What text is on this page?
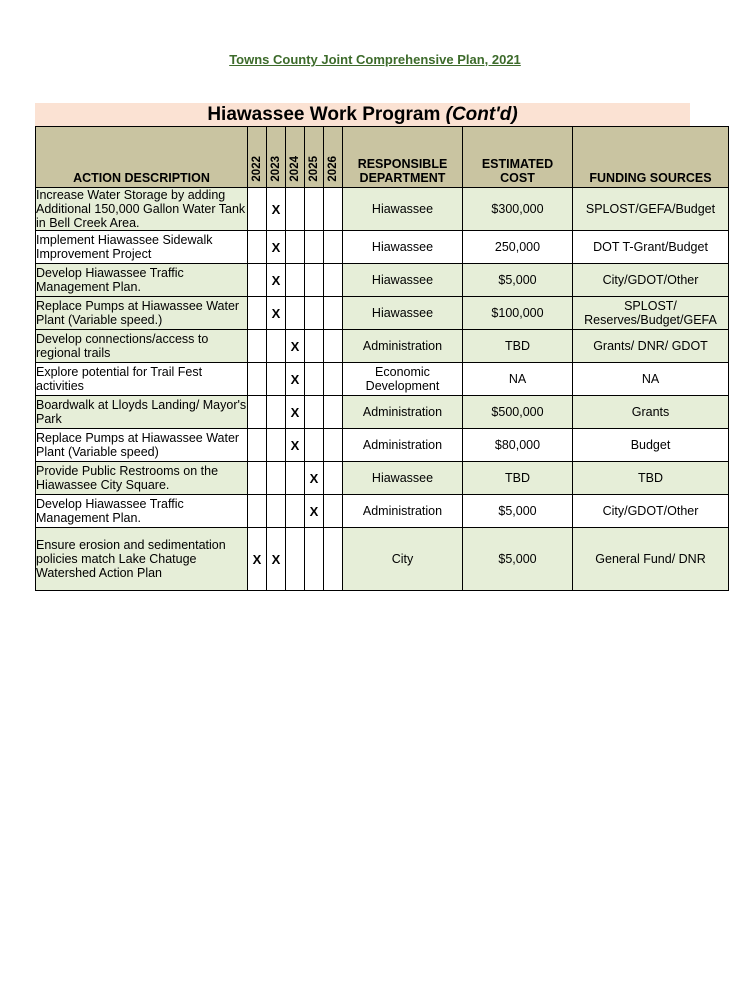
Towns County Joint Comprehensive Plan, 2021
Hiawassee Work Program (Cont'd)
ACTION DESCRIPTION	2022	2023	2024	2025	2026	RESPONSIBLE DEPARTMENT	ESTIMATED COST	FUNDING SOURCES
Increase Water Storage by adding Additional 150,000 Gallon Water Tank in Bell Creek Area.		X				Hiawassee	$300,000	SPLOST/GEFA/Budget
Implement Hiawassee Sidewalk Improvement Project		X				Hiawassee	250,000	DOT T-Grant/Budget
Develop Hiawassee Traffic Management Plan.		X				Hiawassee	$5,000	City/GDOT/Other
Replace Pumps at Hiawassee Water Plant (Variable speed.)		X				Hiawassee	$100,000	SPLOST/ Reserves/Budget/GEFA
Develop connections/access to regional trails			X			Administration	TBD	Grants/ DNR/ GDOT
Explore potential for Trail Fest activities			X			Economic Development	NA	NA
Boardwalk at Lloyds Landing/ Mayor's Park			X			Administration	$500,000	Grants
Replace Pumps at Hiawassee Water Plant (Variable speed)			X			Administration	$80,000	Budget
Provide Public Restrooms on the Hiawassee City Square.				X		Hiawassee	TBD	TBD
Develop Hiawassee Traffic Management Plan.				X		Administration	$5,000	City/GDOT/Other
Ensure erosion and sedimentation policies match Lake Chatuge Watershed Action Plan	X	X				City	$5,000	General Fund/ DNR
